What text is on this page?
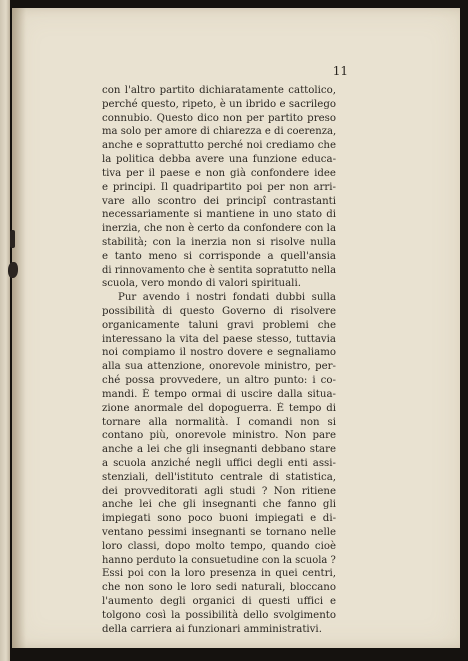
11
con l'altro partito dichiaratamente cattolico,
perché questo, ripeto, è un ibrido e sacrilego
connubio. Questo dico non per partito preso
ma solo per amore di chiarezza e di coerenza,
anche e soprattutto perché noi crediamo che
la politica debba avere una funzione educa-
tiva per il paese e non già confondere idee
e principi. Il quadripartito poi per non arri-
vare allo scontro dei principî contrastanti
necessariamente si mantiene in uno stato di
inerzia, che non è certo da confondere con la
stabilità; con la inerzia non si risolve nulla
e tanto meno si corrisponde a quell'ansia
di rinnovamento che è sentita sopratutto nella
scuola, vero mondo di valori spirituali.
Pur avendo i nostri fondati dubbi sulla
possibilità di questo Governo di risolvere
organicamente taluni gravi problemi che
interessano la vita del paese stesso, tuttavia
noi compiamo il nostro dovere e segnaliamo
alla sua attenzione, onorevole ministro, per-
ché possa provvedere, un altro punto: i co-
mandi. È tempo ormai di uscire dalla situa-
zione anormale del dopoguerra. È tempo di
tornare alla normalità. I comandi non si
contano più, onorevole ministro. Non pare
anche a lei che gli insegnanti debbano stare
a scuola anziché negli uffici degli enti assi-
stenziali, dell'istituto centrale di statistica,
dei provveditorati agli studi ? Non ritiene
anche lei che gli insegnanti che fanno gli
impiegati sono poco buoni impiegati e di-
ventano pessimi insegnanti se tornano nelle
loro classi, dopo molto tempo, quando cioè
hanno perduto la consuetudine con la scuola ?
Essi poi con la loro presenza in quei centri,
che non sono le loro sedi naturali, bloccano
l'aumento degli organici di questi uffici e
tolgono così la possibilità dello svolgimento
della carriera ai funzionari amministrativi.
